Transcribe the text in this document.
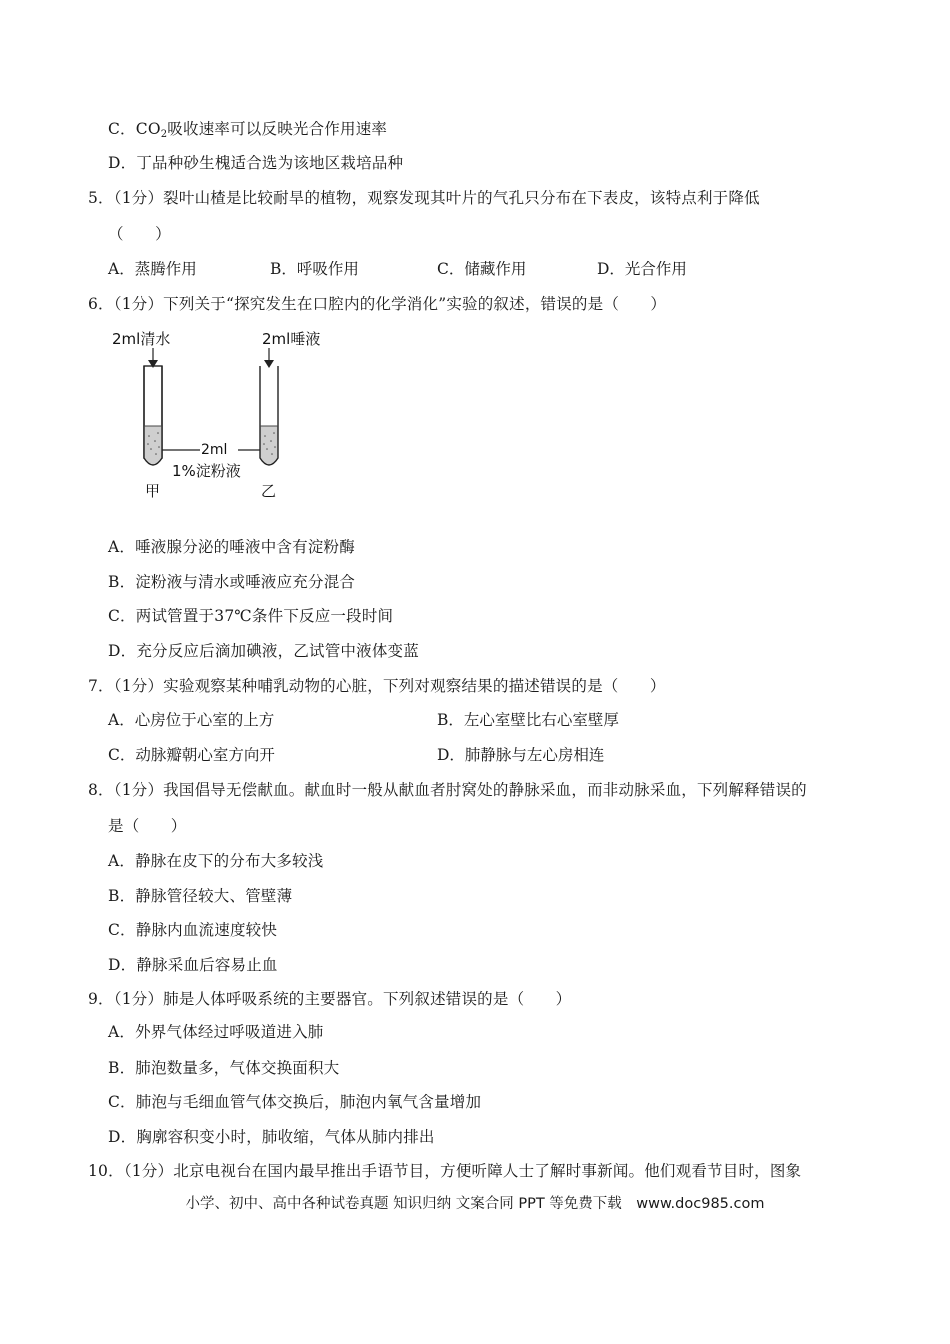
C．$CO_2$吸收速率可以反映光合作用速率
D．丁品种砂生槐适合选为该地区栽培品种
5．（1分）裂叶山楂是比较耐旱的植物，观察发现其叶片的气孔只分布在下表皮，该特点利于降低
（　　）
A．蒸腾作用	B．呼吸作用	C．储藏作用	D．光合作用
6．（1分）下列关于“探究发生在口腔内的化学消化”实验的叙述，错误的是（　　）
2ml清水	2ml唾液
2ml
1%淀粉液
甲	乙
A．唾液腺分泌的唾液中含有淀粉酶
B．淀粉液与清水或唾液应充分混合
C．两试管置于37℃条件下反应一段时间
D．充分反应后滴加碘液，乙试管中液体变蓝
7．（1分）实验观察某种哺乳动物的心脏，下列对观察结果的描述错误的是（　　）
A．心房位于心室的上方	B．左心室壁比右心室壁厚
C．动脉瓣朝心室方向开	D．肺静脉与左心房相连
8．（1分）我国倡导无偿献血。献血时一般从献血者肘窝处的静脉采血，而非动脉采血，下列解释错误的
是（　　）
A．静脉在皮下的分布大多较浅
B．静脉管径较大、管壁薄
C．静脉内血流速度较快
D．静脉采血后容易止血
9．（1分）肺是人体呼吸系统的主要器官。下列叙述错误的是（　　）
A．外界气体经过呼吸道进入肺
B．肺泡数量多，气体交换面积大
C．肺泡与毛细血管气体交换后，肺泡内氧气含量增加
D．胸廓容积变小时，肺收缩，气体从肺内排出
10．（1分）北京电视台在国内最早推出手语节目，方便听障人士了解时事新闻。他们观看节目时，图象
小学、初中、高中各种试卷真题 知识归纳 文案合同 PPT 等免费下载　www.doc985.com
